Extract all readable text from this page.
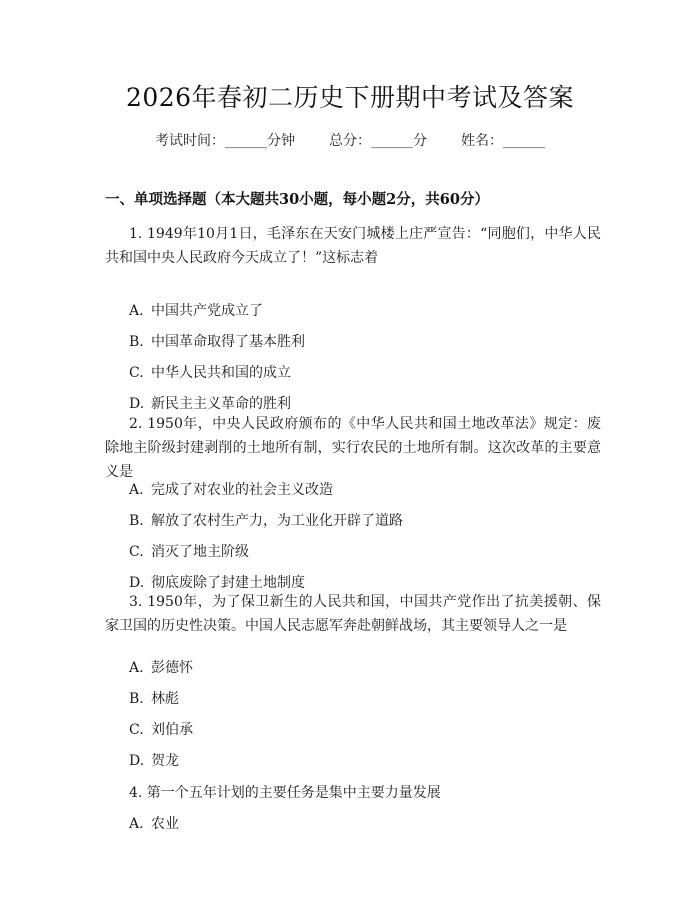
2026年春初二历史下册期中考试及答案
考试时间：______分钟 总分：______分 姓名：______
一、单项选择题（本大题共30小题，每小题2分，共60分）
1. 1949年10月1日，毛泽东在天安门城楼上庄严宣告：“同胞们，中华人民共和国中央人民政府今天成立了！”这标志着
A. 中国共产党成立了
B. 中国革命取得了基本胜利
C. 中华人民共和国的成立
D. 新民主主义革命的胜利
2. 1950年，中央人民政府颁布的《中华人民共和国土地改革法》规定：废除地主阶级封建剥削的土地所有制，实行农民的土地所有制。这次改革的主要意义是
A. 完成了对农业的社会主义改造
B. 解放了农村生产力，为工业化开辟了道路
C. 消灭了地主阶级
D. 彻底废除了封建土地制度
3. 1950年，为了保卫新生的人民共和国，中国共产党作出了抗美援朝、保家卫国的历史性决策。中国人民志愿军奔赴朝鲜战场，其主要领导人之一是
A. 彭德怀
B. 林彪
C. 刘伯承
D. 贺龙
4. 第一个五年计划的主要任务是集中主要力量发展
A. 农业
